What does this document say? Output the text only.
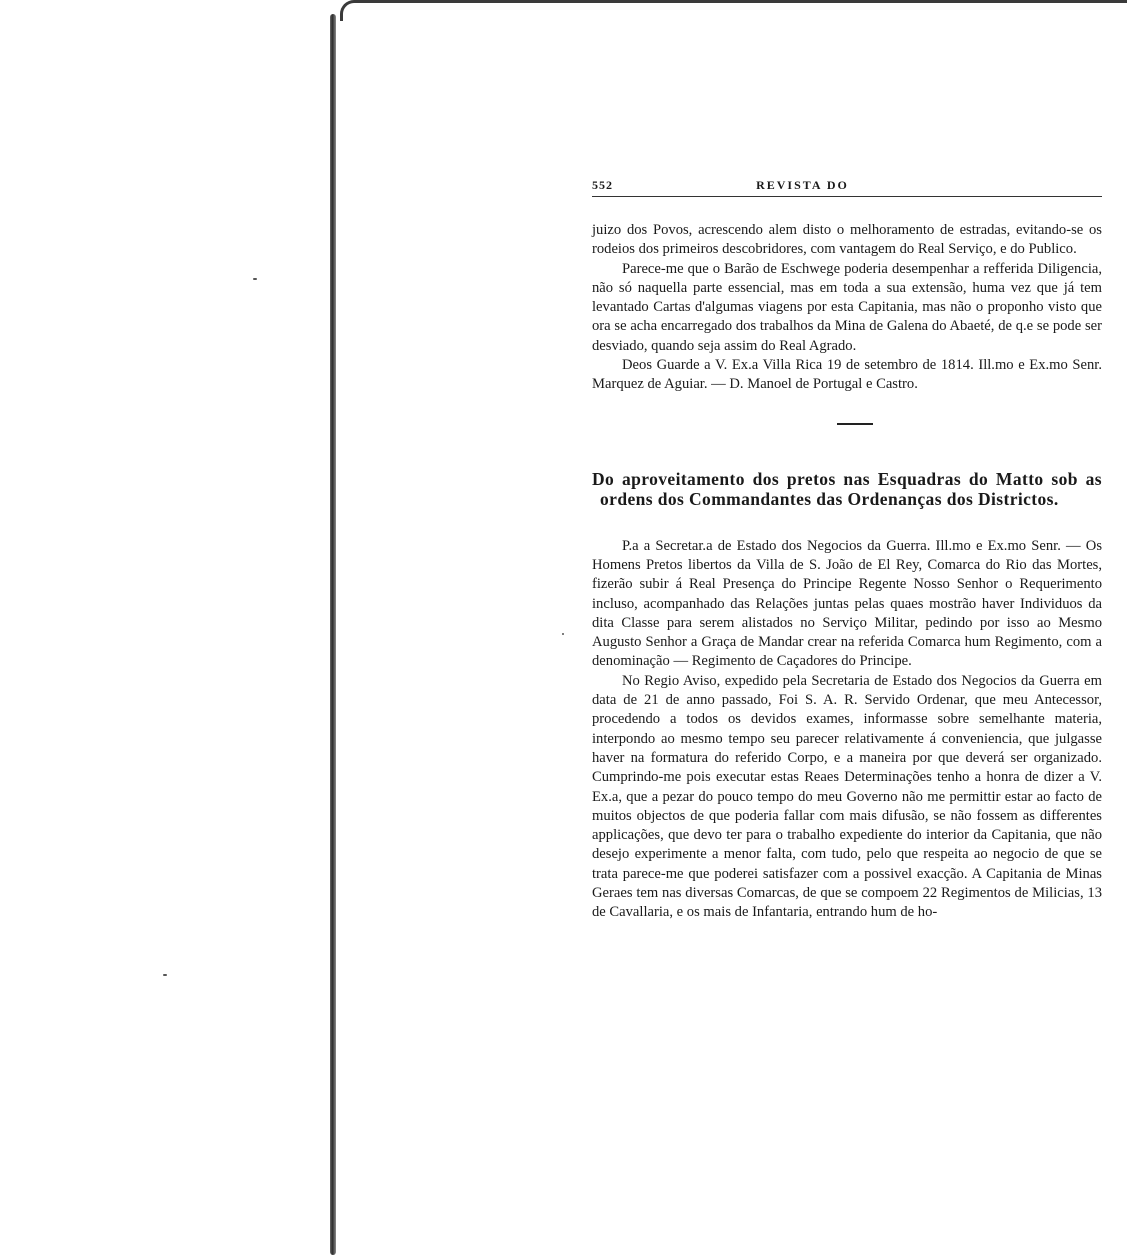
552	REVISTA DO

juizo dos Povos, acrescendo alem disto o melhoramento de estradas, evitando-se os rodeios dos primeiros descobridores, com vantagem do Real Serviço, e do Publico.

Parece-me que o Barão de Eschwege poderia desempenhar a refferida Diligencia, não só naquella parte essencial, mas em toda a sua extensão, huma vez que já tem levantado Cartas d'algumas viagens por esta Capitania, mas não o proponho visto que ora se acha encarregado dos trabalhos da Mina de Galena do Abaeté, de q.e se pode ser desviado, quando seja assim do Real Agrado.

Deos Guarde a V. Ex.a Villa Rica 19 de setembro de 1814. Ill.mo e Ex.mo Senr. Marquez de Aguiar. — D. Manoel de Portugal e Castro.

Do aproveitamento dos pretos nas Esquadras do Matto sob as ordens dos Commandantes das Ordenanças dos Districtos.

P.a a Secretar.a de Estado dos Negocios da Guerra. Ill.mo e Ex.mo Senr. — Os Homens Pretos libertos da Villa de S. João de El Rey, Comarca do Rio das Mortes, fizerão subir á Real Presença do Principe Regente Nosso Senhor o Requerimento incluso, acompanhado das Relações juntas pelas quaes mostrão haver Individuos da dita Classe para serem alistados no Serviço Militar, pedindo por isso ao Mesmo Augusto Senhor a Graça de Mandar crear na referida Comarca hum Regimento, com a denominação — Regimento de Caçadores do Principe.

No Regio Aviso, expedido pela Secretaria de Estado dos Negocios da Guerra em data de 21 de anno passado, Foi S. A. R. Servido Ordenar, que meu Antecessor, procedendo a todos os devidos exames, informasse sobre semelhante materia, interpondo ao mesmo tempo seu parecer relativamente á conveniencia, que julgasse haver na formatura do referido Corpo, e a maneira por que deverá ser organizado. Cumprindo-me pois executar estas Reaes Determinações tenho a honra de dizer a V. Ex.a, que a pezar do pouco tempo do meu Governo não me permittir estar ao facto de muitos objectos de que poderia fallar com mais difusão, se não fossem as differentes applicações, que devo ter para o trabalho expediente do interior da Capitania, que não desejo experimente a menor falta, com tudo, pelo que respeita ao negocio de que se trata parece-me que poderei satisfazer com a possivel exacção. A Capitania de Minas Geraes tem nas diversas Comarcas, de que se compoem 22 Regimentos de Milicias, 13 de Cavallaria, e os mais de Infantaria, entrando hum de ho-
